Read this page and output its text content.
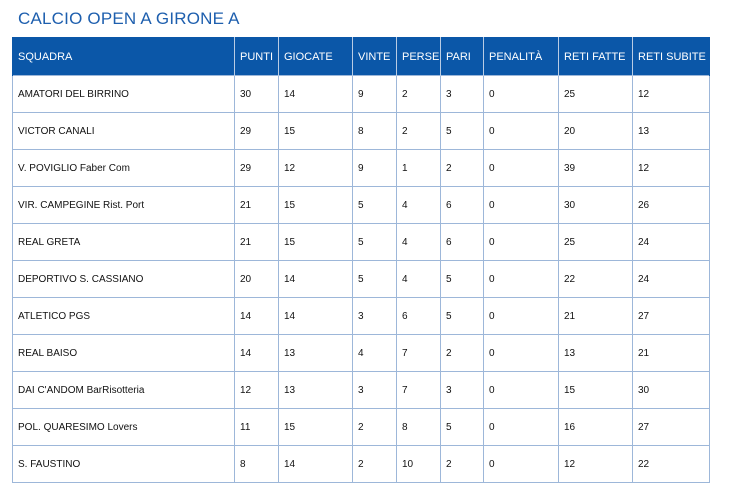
CALCIO OPEN A GIRONE A
SQUADRA	PUNTI	GIOCATE	VINTE	PERSE	PARI	PENALITÀ	RETI FATTE	RETI SUBITE
AMATORI DEL BIRRINO	30	14	9	2	3	0	25	12
VICTOR CANALI	29	15	8	2	5	0	20	13
V. POVIGLIO Faber Com	29	12	9	1	2	0	39	12
VIR. CAMPEGINE Rist. Port	21	15	5	4	6	0	30	26
REAL GRETA	21	15	5	4	6	0	25	24
DEPORTIVO S. CASSIANO	20	14	5	4	5	0	22	24
ATLETICO PGS	14	14	3	6	5	0	21	27
REAL BAISO	14	13	4	7	2	0	13	21
DAI C'ANDOM BarRisotteria	12	13	3	7	3	0	15	30
POL. QUARESIMO Lovers	11	15	2	8	5	0	16	27
S. FAUSTINO	8	14	2	10	2	0	12	22
